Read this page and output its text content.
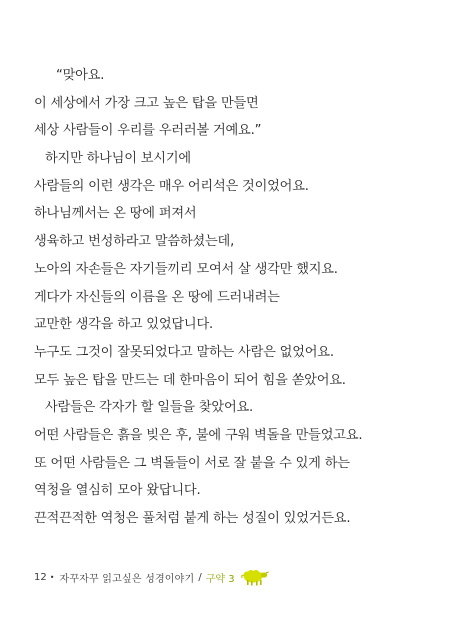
“맞아요.
이 세상에서 가장 크고 높은 탑을 만들면
세상 사람들이 우리를 우러러볼 거예요.”
하지만 하나님이 보시기에
사람들의 이런 생각은 매우 어리석은 것이었어요.
하나님께서는 온 땅에 퍼져서
생육하고 번성하라고 말씀하셨는데,
노아의 자손들은 자기들끼리 모여서 살 생각만 했지요.
게다가 자신들의 이름을 온 땅에 드러내려는
교만한 생각을 하고 있었답니다.
누구도 그것이 잘못되었다고 말하는 사람은 없었어요.
모두 높은 탑을 만드는 데 한마음이 되어 힘을 쏟았어요.
사람들은 각자가 할 일들을 찾았어요.
어떤 사람들은 흙을 빚은 후, 불에 구워 벽돌을 만들었고요.
또 어떤 사람들은 그 벽돌들이 서로 잘 붙을 수 있게 하는
역청을 열심히 모아 왔답니다.
끈적끈적한 역청은 풀처럼 붙게 하는 성질이 있었거든요.
12 • 자꾸자꾸 읽고싶은 성경이야기 / 구약 3
